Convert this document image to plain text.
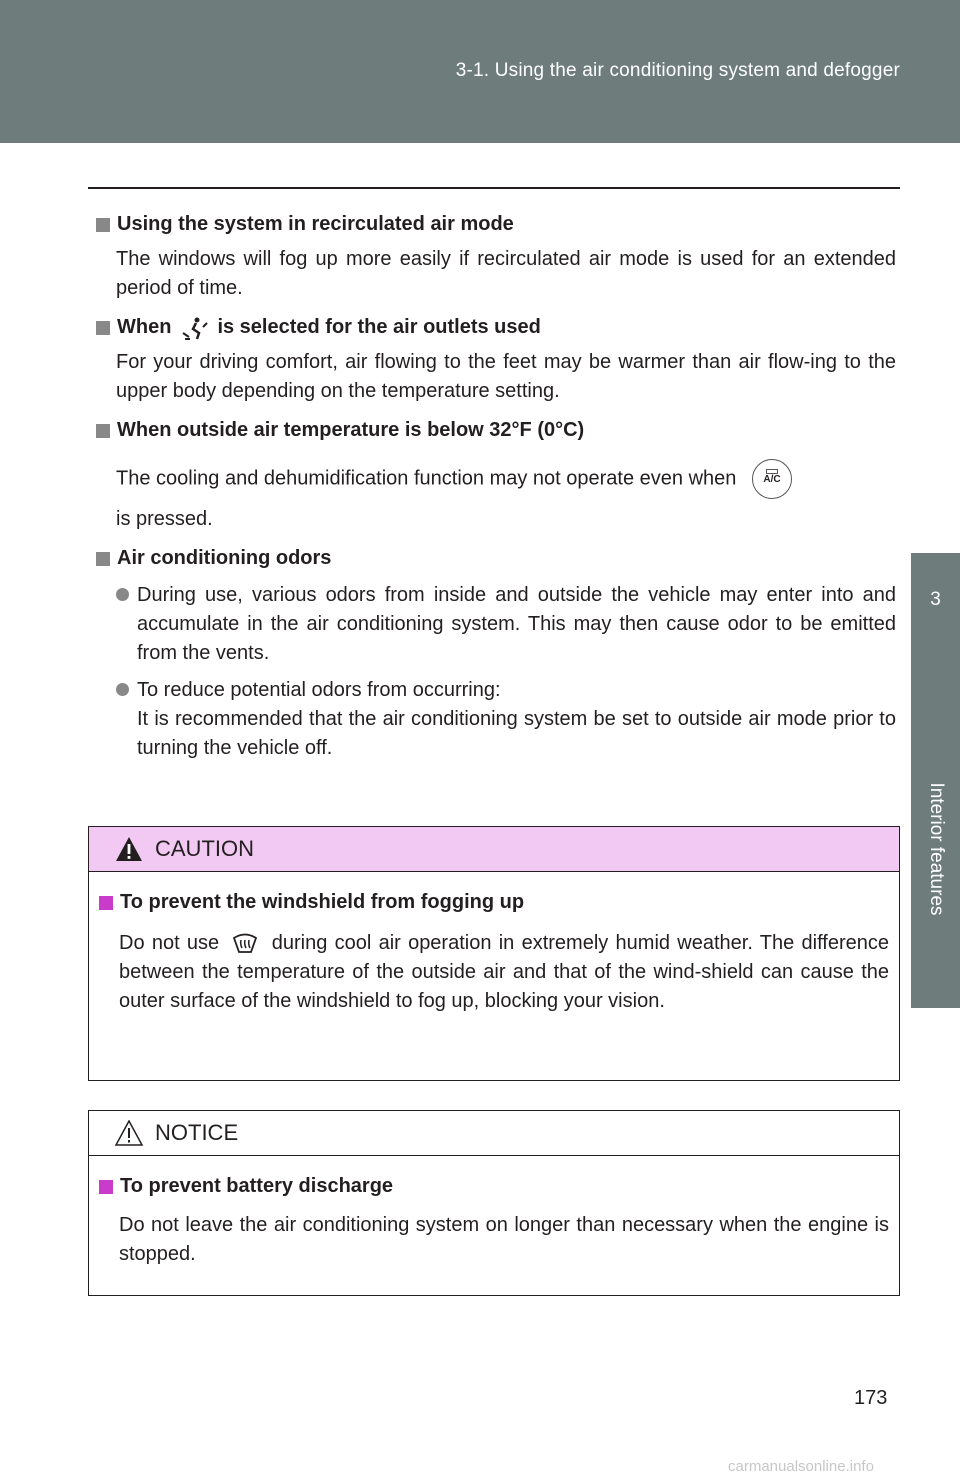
3-1. Using the air conditioning system and defogger
3
Interior features
Using the system in recirculated air mode
The windows will fog up more easily if recirculated air mode is used for an extended period of time.
When is selected for the air outlets used
For your driving comfort, air flowing to the feet may be warmer than air flow-ing to the upper body depending on the temperature setting.
When outside air temperature is below 32°F (0°C)
The cooling and dehumidification function may not operate even when	A/C
is pressed.
Air conditioning odors
During use, various odors from inside and outside the vehicle may enter into and accumulate in the air conditioning system. This may then cause odor to be emitted from the vents.
To reduce potential odors from occurring:
It is recommended that the air conditioning system be set to outside air mode prior to turning the vehicle off.
CAUTION
To prevent the windshield from fogging up
Do not use	during cool air operation in extremely humid weather. The difference between the temperature of the outside air and that of the wind-shield can cause the outer surface of the windshield to fog up, blocking your vision.
NOTICE
To prevent battery discharge
Do not leave the air conditioning system on longer than necessary when the engine is stopped.
173
carmanualsonline.info
